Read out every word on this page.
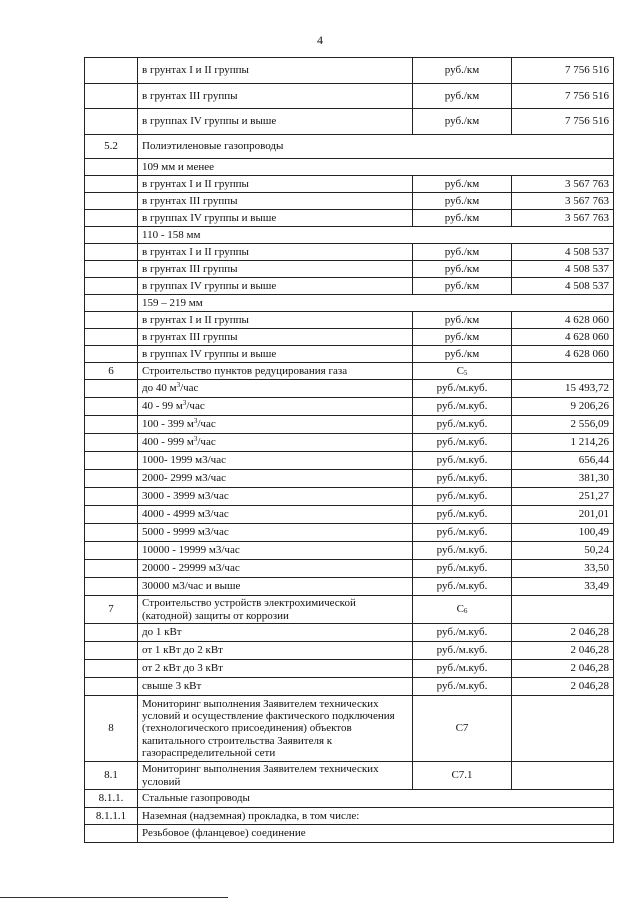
4
	в грунтах I и II группы	руб./км	7 756 516
	в грунтах III группы	руб./км	7 756 516
	в группах IV группы и выше	руб./км	7 756 516
5.2	Полиэтиленовые газопроводы		
	109 мм и менее		
	в грунтах I и II группы	руб./км	3 567 763
	в грунтах III группы	руб./км	3 567 763
	в группах IV группы и выше	руб./км	3 567 763
	110 - 158 мм		
	в грунтах I и II группы	руб./км	4 508 537
	в грунтах III группы	руб./км	4 508 537
	в группах IV группы и выше	руб./км	4 508 537
	159 – 219 мм		
	в грунтах I и II группы	руб./км	4 628 060
	в грунтах III группы	руб./км	4 628 060
	в группах IV группы и выше	руб./км	4 628 060
6	Строительство пунктов редуцирования газа	С5	
	до 40 $м^3$/час	руб./м.куб.	15 493,72
	40 - 99 $м^3$/час	руб./м.куб.	9 206,26
	100 - 399 $м^3$/час	руб./м.куб.	2 556,09
	400 - 999 $м^3$/час	руб./м.куб.	1 214,26
	1000- 1999 м3/час	руб./м.куб.	656,44
	2000- 2999 м3/час	руб./м.куб.	381,30
	3000 - 3999 м3/час	руб./м.куб.	251,27
	4000 - 4999 м3/час	руб./м.куб.	201,01
	5000 - 9999 м3/час	руб./м.куб.	100,49
	10000 - 19999 м3/час	руб./м.куб.	50,24
	20000 - 29999 м3/час	руб./м.куб.	33,50
	30000 м3/час и выше	руб./м.куб.	33,49
7	Строительство устройств электрохимической (катодной) защиты от коррозии	С6	
	до 1 кВт	руб./м.куб.	2 046,28
	от 1 кВт до 2 кВт	руб./м.куб.	2 046,28
	от 2 кВт до 3 кВт	руб./м.куб.	2 046,28
	свыше 3 кВт	руб./м.куб.	2 046,28
8	Мониторинг выполнения Заявителем технических условий и осуществление фактического подключения (технологического присоединения) объектов капитального строительства Заявителя к газораспределительной сети	С7	
8.1	Мониторинг выполнения Заявителем технических условий	С7.1	
8.1.1.	Стальные газопроводы		
8.1.1.1	Наземная (надземная) прокладка, в том числе:		
	Резьбовое (фланцевое) соединение		
